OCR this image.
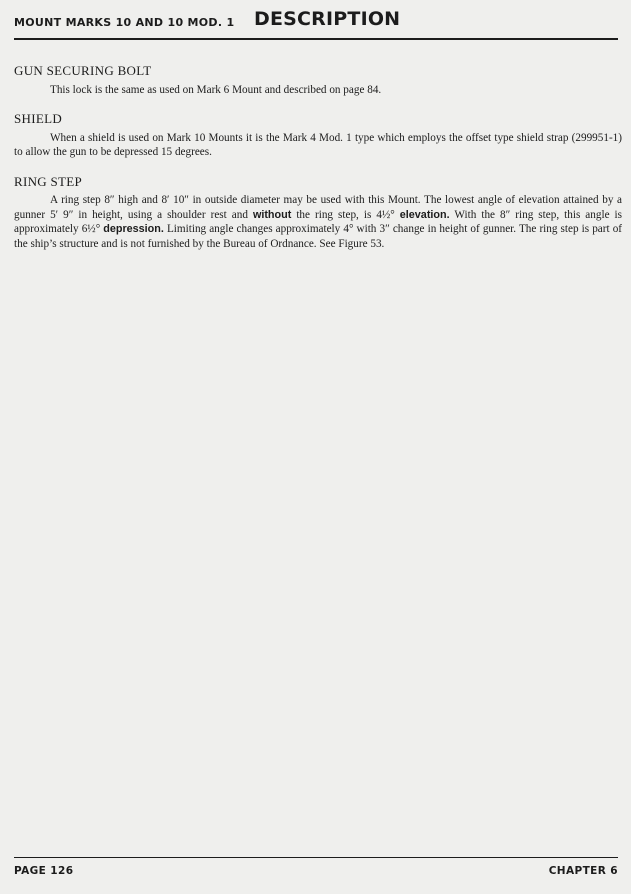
MOUNT MARKS 10 AND 10 MOD. 1 DESCRIPTION
GUN SECURING BOLT

This lock is the same as used on Mark 6 Mount and described on page 84.

SHIELD

When a shield is used on Mark 10 Mounts it is the Mark 4 Mod. 1 type which employs the offset type shield strap (299951-1) to allow the gun to be depressed 15 degrees.

RING STEP

A ring step 8″ high and 8′ 10″ in outside diameter may be used with this Mount. The lowest angle of elevation attained by a gunner 5′ 9″ in height, using a shoulder rest and without the ring step, is 4½° elevation. With the 8″ ring step, this angle is approximately 6½° depression. Limiting angle changes approximately 4° with 3″ change in height of gunner. The ring step is part of the ship’s structure and is not furnished by the Bureau of Ordnance. See Figure 53.

PAGE 126	CHAPTER 6
